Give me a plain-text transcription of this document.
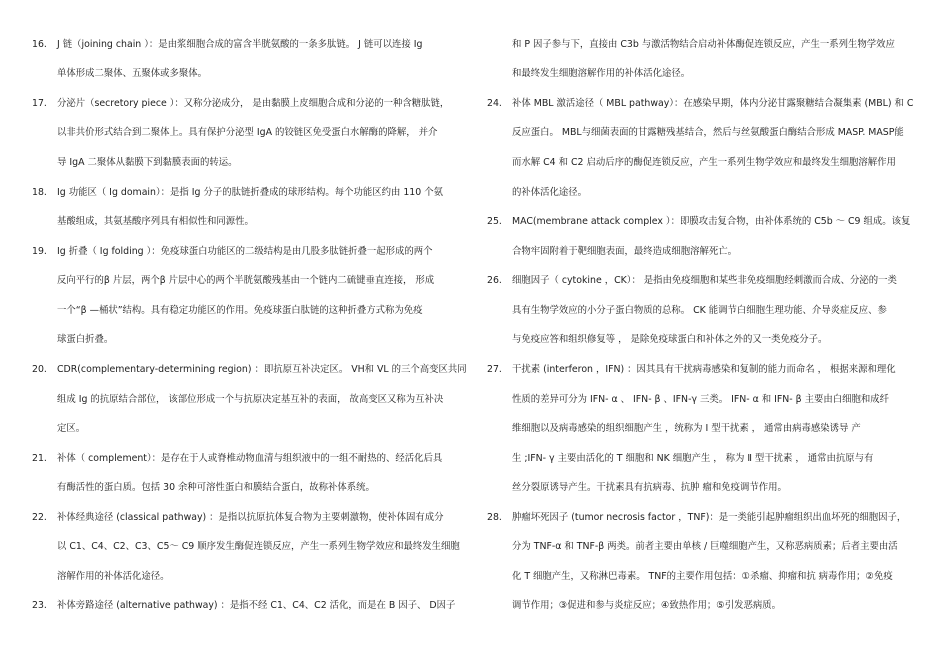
16.	J 链（joining chain ）：是由浆细胞合成的富含半胱氨酸的一条多肽链。 J 链可以连接 Ig
单体形成二聚体、五聚体或多聚体。
17.	分泌片（secretory piece ）：又称分泌成分， 是由黏膜上皮细胞合成和分泌的一种含糖肽链，
以非共价形式结合到二聚体上。具有保护分泌型 IgA 的铰链区免受蛋白水解酶的降解， 并介
导 IgA 二聚体从黏膜下到黏膜表面的转运。
18.	Ig 功能区（ Ig domain）：是指 Ig 分子的肽链折叠成的球形结构。每个功能区约由 110 个氨
基酸组成，其氨基酸序列具有相似性和同源性。
19.	Ig 折叠（ Ig folding ）：免疫球蛋白功能区的二级结构是由几股多肽链折叠一起形成的两个
反向平行的β 片层，两个β 片层中心的两个半胱氨酸残基由一个链内二硫键垂直连接， 形成
一个“β —桶状”结构。具有稳定功能区的作用。免疫球蛋白肽链的这种折叠方式称为免疫
球蛋白折叠。
20.	CDR(complementary-determining region) ：即抗原互补决定区。 VH和 VL 的三个高变区共同
组成 Ig 的抗原结合部位， 该部位形成一个与抗原决定基互补的表面， 故高变区又称为互补决
定区。
21.	补体（ complement）：是存在于人或脊椎动物血清与组织液中的一组不耐热的、经活化后具
有酶活性的蛋白质。包括 30 余种可溶性蛋白和膜结合蛋白，故称补体系统。
22.	补体经典途径 (classical pathway) ：是指以抗原抗体复合物为主要刺激物，使补体固有成分
以 C1、C4、C2、C3、C5～ C9 顺序发生酶促连锁反应，产生一系列生物学效应和最终发生细胞
溶解作用的补体活化途径。
23.	补体旁路途径 (alternative pathway) ：是指不经 C1、C4、C2 活化，而是在 B 因子、 D因子
和 P 因子参与下，直接由 C3b 与激活物结合启动补体酶促连锁反应，产生一系列生物学效应
和最终发生细胞溶解作用的补体活化途径。
24.	补体 MBL 激活途径（ MBL pathway）：在感染早期，体内分泌甘露聚糖结合凝集素 (MBL) 和 C
反应蛋白。 MBL与细菌表面的甘露糖残基结合，然后与丝氨酸蛋白酶结合形成 MASP. MASP能
而水解 C4 和 C2 启动后序的酶促连锁反应，产生一系列生物学效应和最终发生细胞溶解作用
的补体活化途径。
25.	MAC(membrane attack complex ）：即膜攻击复合物，由补体系统的 C5b ～ C9 组成。该复
合物牢固附着于靶细胞表面，最终造成细胞溶解死亡。
26.	细胞因子（ cytokine ，CK）： 是指由免疫细胞和某些非免疫细胞经刺激而合成、分泌的一类
具有生物学效应的小分子蛋白物质的总称。 CK 能调节白细胞生理功能、介导炎症反应、参
与免疫应答和组织修复等 ， 是除免疫球蛋白和补体之外的又一类免疫分子。
27.	干扰素 (interferon ，IFN) ：因其具有干扰病毒感染和复制的能力而命名 ， 根据来源和理化
性质的差异可分为 IFN- α 、 IFN- β 、IFN-γ 三类。 IFN- α 和 IFN- β 主要由白细胞和成纤
维细胞以及病毒感染的组织细胞产生 ，统称为 Ⅰ 型干扰素 ， 通常由病毒感染诱导 产
生 ;IFN- γ 主要由活化的 T 细胞和 NK 细胞产生 ， 称为 Ⅱ 型干扰素 ， 通常由抗原与有
丝分裂原诱导产生。干扰素具有抗病毒、抗肿 瘤和免疫调节作用。
28.	肿瘤坏死因子 (tumor necrosis factor ，TNF)：是一类能引起肿瘤组织出血坏死的细胞因子，
分为 TNF-α 和 TNF-β 两类。前者主要由单核 / 巨噬细胞产生，又称恶病质素；后者主要由活
化 T 细胞产生，又称淋巴毒素。 TNF的主要作用包括：①杀瘤、抑瘤和抗 病毒作用；②免疫
调节作用；③促进和参与炎症反应；④致热作用；⑤引发恶病质。
